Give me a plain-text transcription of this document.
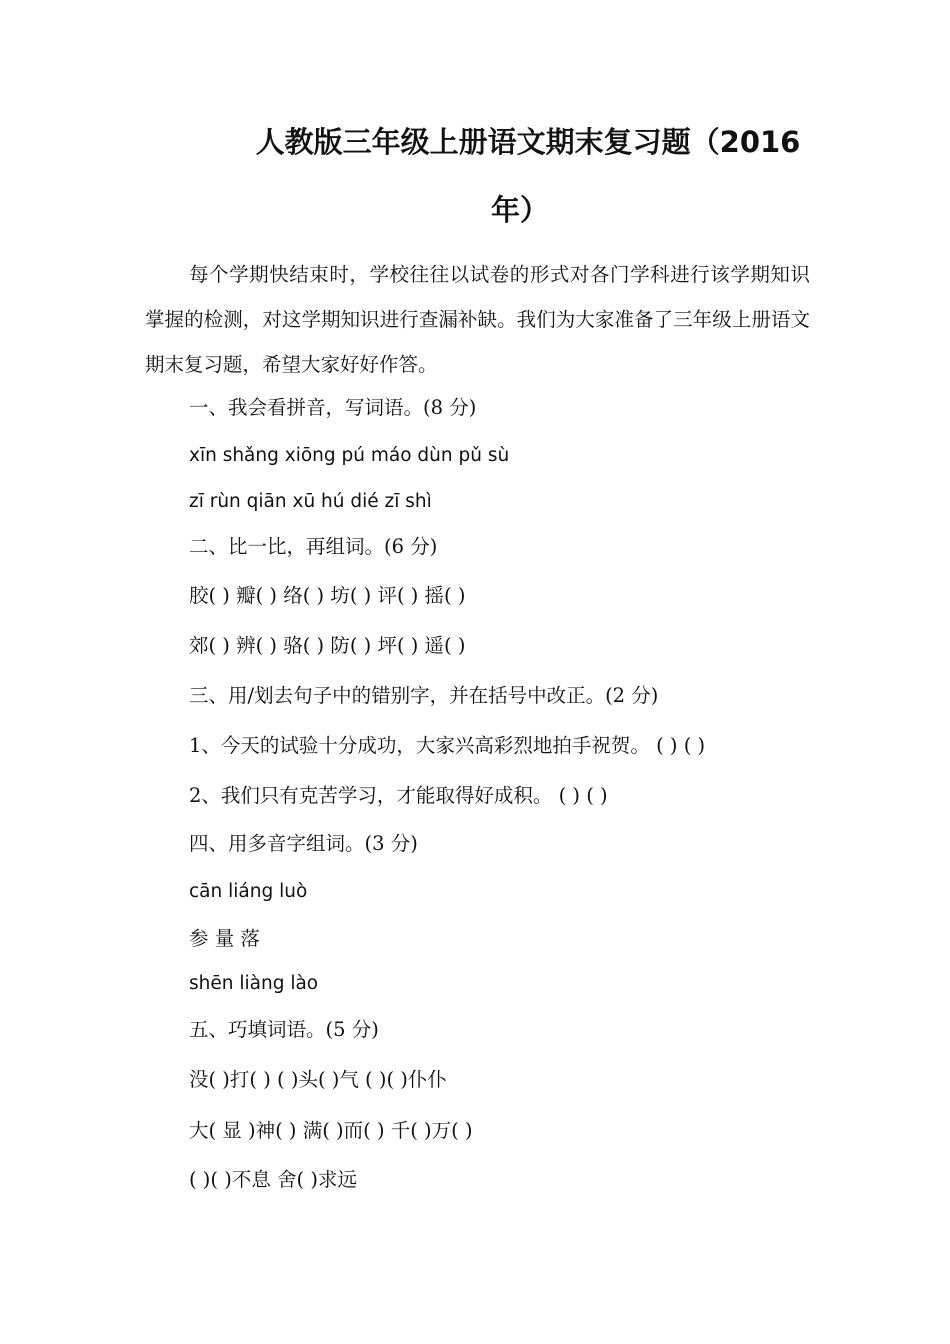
人教版三年级上册语文期末复习题（2016
年）
每个学期快结束时，学校往往以试卷的形式对各门学科进行该学期知识掌握的检测，对这学期知识进行查漏补缺。我们为大家准备了三年级上册语文期末复习题，希望大家好好作答。
一、我会看拼音，写词语。(8 分)
xīn shǎng xiōng pú máo dùn pǔ sù
zī rùn qiān xū hú dié zī shì
二、比一比，再组词。(6 分)
胶( ) 瓣( ) 络( ) 坊( ) 评( ) 摇( )
郊( ) 辨( ) 骆( ) 防( ) 坪( ) 遥( )
三、用/划去句子中的错别字，并在括号中改正。(2 分)
1、今天的试验十分成功，大家兴高彩烈地拍手祝贺。 ( ) ( )
2、我们只有克苦学习，才能取得好成积。 ( ) ( )
四、用多音字组词。(3 分)
cān liáng luò
参 量 落
shēn liàng lào
五、巧填词语。(5 分)
没( )打( ) ( )头( )气 ( )( )仆仆
大( 显 )神( ) 满( )而( ) 千( )万( )
( )( )不息 舍( )求远
